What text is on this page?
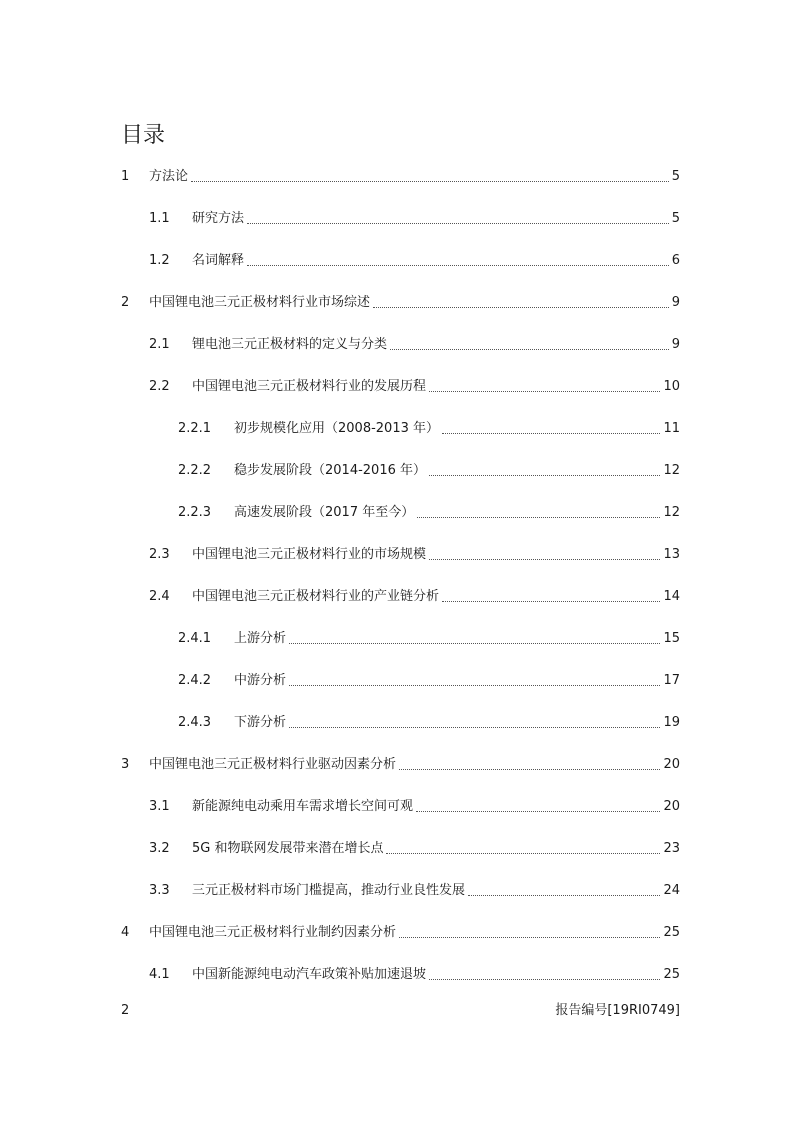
目录
1	方法论	5
1.1	研究方法	5
1.2	名词解释	6
2	中国锂电池三元正极材料行业市场综述	9
2.1	锂电池三元正极材料的定义与分类	9
2.2	中国锂电池三元正极材料行业的发展历程	10
2.2.1	初步规模化应用（2008-2013 年）	11
2.2.2	稳步发展阶段（2014-2016 年）	12
2.2.3	高速发展阶段（2017 年至今）	12
2.3	中国锂电池三元正极材料行业的市场规模	13
2.4	中国锂电池三元正极材料行业的产业链分析	14
2.4.1	上游分析	15
2.4.2	中游分析	17
2.4.3	下游分析	19
3	中国锂电池三元正极材料行业驱动因素分析	20
3.1	新能源纯电动乘用车需求增长空间可观	20
3.2	5G 和物联网发展带来潜在增长点	23
3.3	三元正极材料市场门槛提高，推动行业良性发展	24
4	中国锂电池三元正极材料行业制约因素分析	25
4.1	中国新能源纯电动汽车政策补贴加速退坡	25
2	报告编号[19RI0749]
